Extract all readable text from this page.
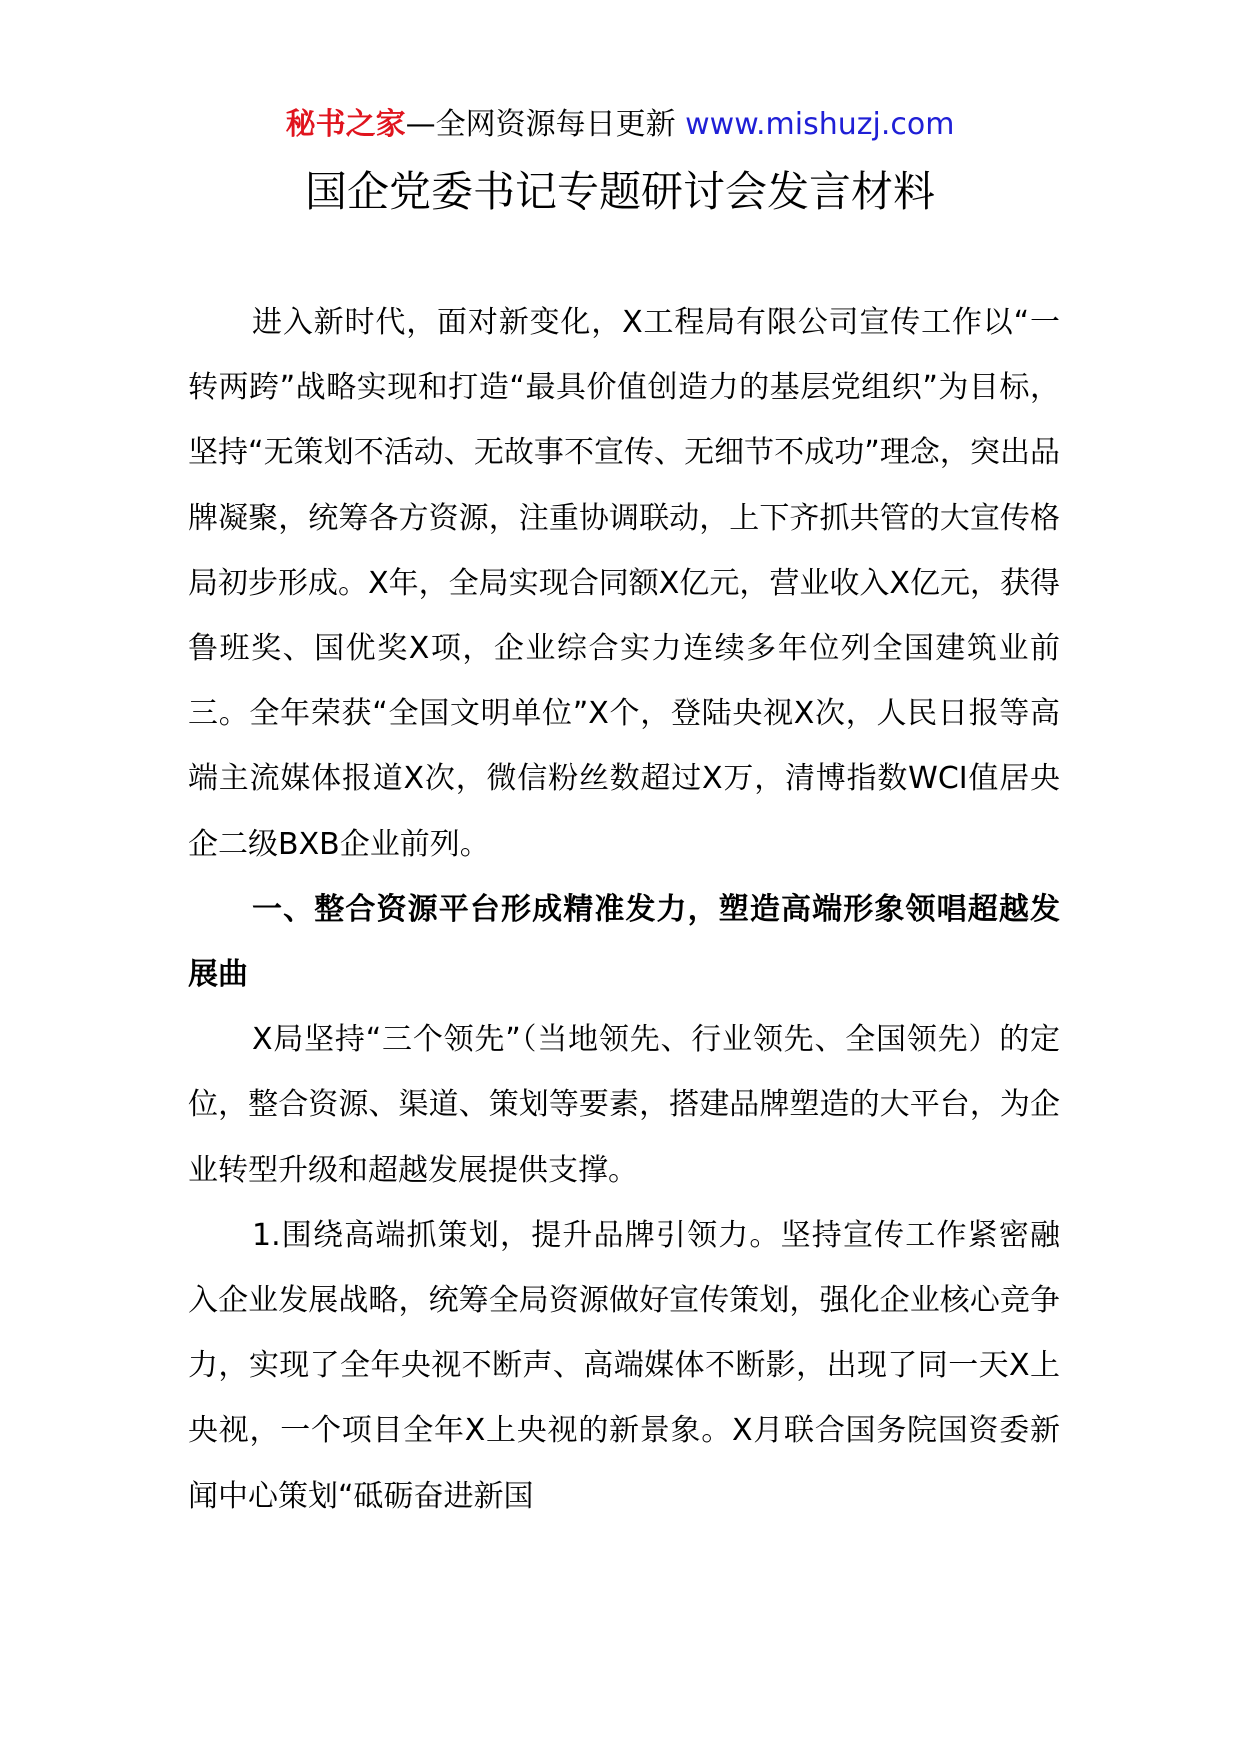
秘书之家—全网资源每日更新 www.mishuzj.com
国企党委书记专题研讨会发言材料

进入新时代，面对新变化，X工程局有限公司宣传工作以“一转两跨”战略实现和打造“最具价值创造力的基层党组织”为目标，坚持“无策划不活动、无故事不宣传、无细节不成功”理念，突出品牌凝聚，统筹各方资源，注重协调联动，上下齐抓共管的大宣传格局初步形成。X年，全局实现合同额X亿元，营业收入X亿元，获得鲁班奖、国优奖X项，企业综合实力连续多年位列全国建筑业前三。全年荣获“全国文明单位”X个，登陆央视X次，人民日报等高端主流媒体报道X次，微信粉丝数超过X万，清博指数WCI值居央企二级BXB企业前列。

一、整合资源平台形成精准发力，塑造高端形象领唱超越发展曲

X局坚持“三个领先”（当地领先、行业领先、全国领先）的定位，整合资源、渠道、策划等要素，搭建品牌塑造的大平台，为企业转型升级和超越发展提供支撑。

1.围绕高端抓策划，提升品牌引领力。坚持宣传工作紧密融入企业发展战略，统筹全局资源做好宣传策划，强化企业核心竞争力，实现了全年央视不断声、高端媒体不断影，出现了同一天X上央视，一个项目全年X上央视的新景象。X月联合国务院国资委新闻中心策划“砥砺奋进新国
